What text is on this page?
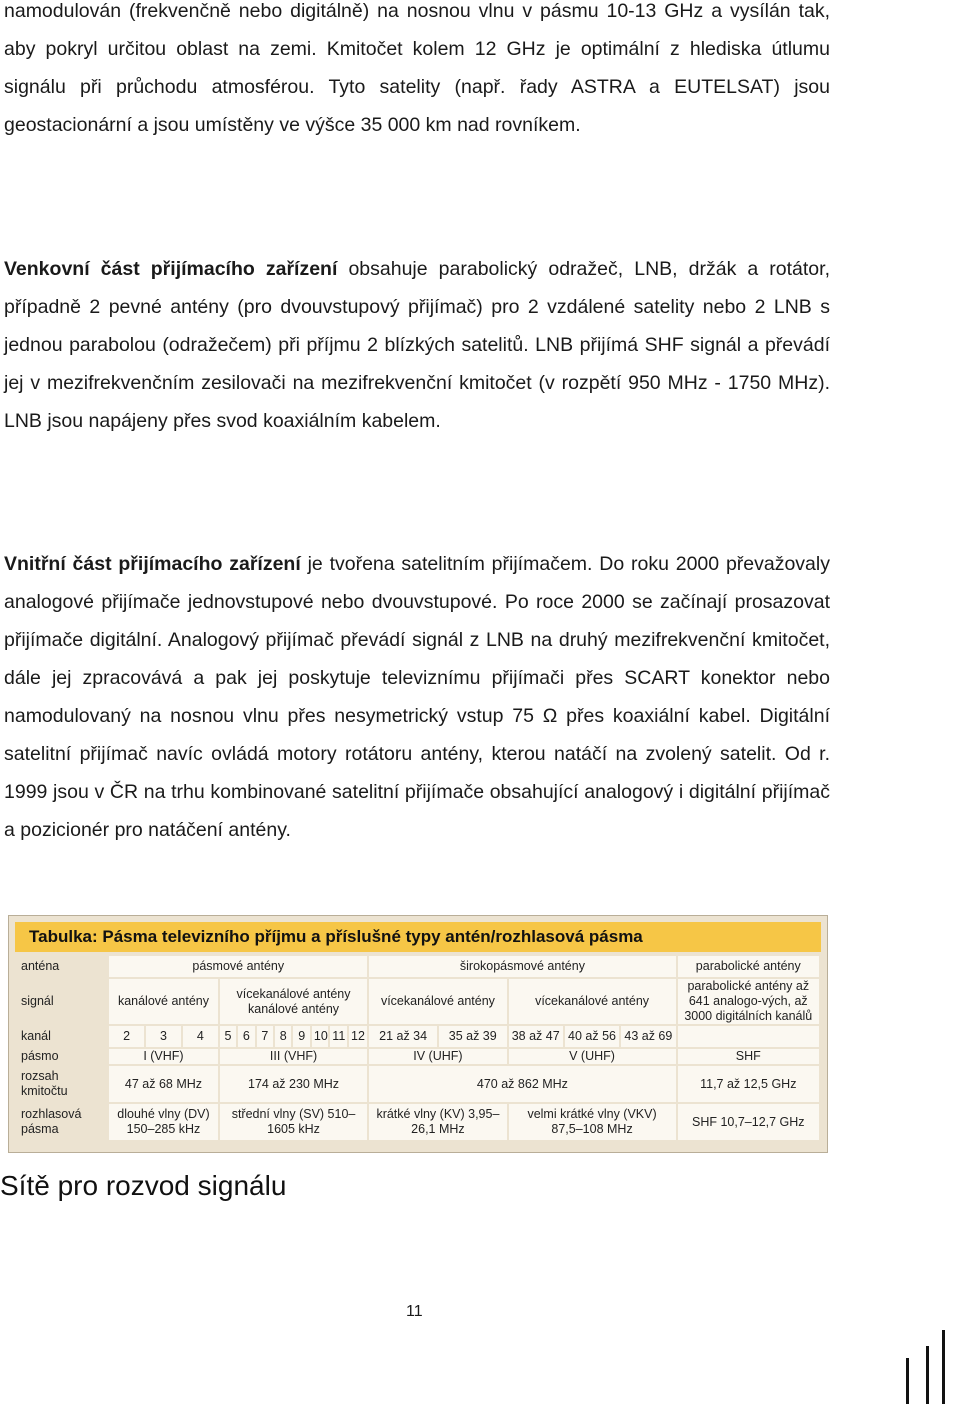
namodulován (frekvenčně nebo digitálně) na nosnou vlnu v pásmu 10-13 GHz a vysílán tak, aby pokryl určitou oblast na zemi. Kmitočet kolem 12 GHz je optimální z hlediska útlumu signálu při průchodu atmosférou. Tyto satelity (např. řady ASTRA a EUTELSAT) jsou geostacionární a jsou umístěny ve výšce 35 000 km nad rovníkem.

Venkovní část přijímacího zařízení obsahuje parabolický odražeč, LNB, držák a rotátor, případně 2 pevné antény (pro dvouvstupový přijímač) pro 2 vzdálené satelity nebo 2 LNB s jednou parabolou (odražečem) při příjmu 2 blízkých satelitů. LNB přijímá SHF signál a převádí jej v mezifrekvenčním zesilovači na mezifrekvenční kmitočet (v rozpětí 950 MHz - 1750 MHz). LNB jsou napájeny přes svod koaxiálním kabelem.

Vnitřní část přijímacího zařízení je tvořena satelitním přijímačem. Do roku 2000 převažovaly analogové přijímače jednovstupové nebo dvouvstupové. Po roce 2000 se začínají prosazovat přijímače digitální. Analogový přijímač převádí signál z LNB na druhý mezifrekvenční kmitočet, dále jej zpracovává a pak jej poskytuje televiznímu přijímači přes SCART konektor nebo namodulovaný na nosnou vlnu přes nesymetrický vstup 75 Ω přes koaxiální kabel. Digitální satelitní přijímač navíc ovládá motory rotátoru antény, kterou natáčí na zvolený satelit. Od r. 1999 jsou v ČR na trhu kombinované satelitní přijímače obsahující analogový i digitální přijímač a pozicionér pro natáčení antény.

Tabulka: Pásma televizního příjmu a příslušné typy antén/rozhlasová pásma
anténa	pásmové antény											širokopásmové antény					parabolické antény
signál	kanálové antény			vícekanálové antény kanálové antény								vícekanálové antény		vícekanálové antény			parabolické antény až 641 analogo-vých, až 3000 digitálních kanálů
kanál	2	3	4	5	6	7	8	9	10	11	12	21 až 34	35 až 39	38 až 47	40 až 56	43 až 69	
pásmo	I (VHF)			III (VHF)								IV (UHF)		V (UHF)			SHF
rozsah kmitočtu	47 až 68 MHz			174 až 230 MHz								470 až 862 MHz					11,7 až 12,5 GHz
rozhlasová pásma	dlouhé vlny (DV) 150–285 kHz			střední vlny (SV) 510–1605 kHz								krátké vlny (KV) 3,95–26,1 MHz		velmi krátké vlny (VKV) 87,5–108 MHz			SHF 10,7–12,7 GHz
Sítě pro rozvod signálu
11
